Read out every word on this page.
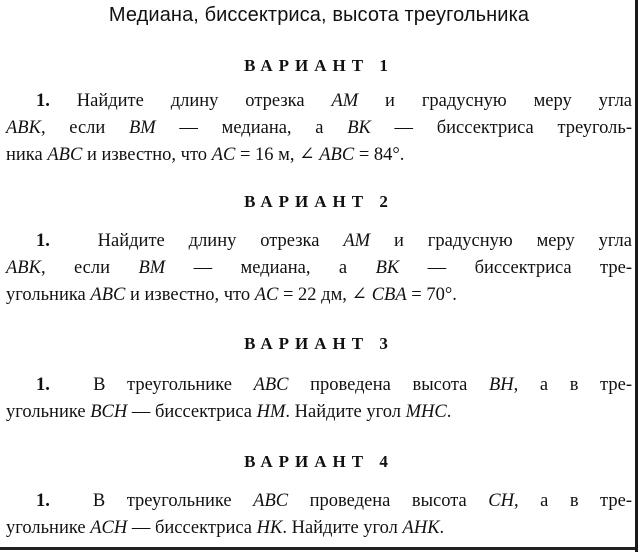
Медиана, биссектриса, высота треугольника
ВАРИАНТ 1
1. Найдите длину отрезка AM и градусную меру угла
ABK, если BM — медиана, а BK — биссектриса треуголь-
ника ABC и известно, что AC = 16 м, ∠ ABC = 84°.
ВАРИАНТ 2
1.	Найдите длину отрезка AM и градусную меру угла
ABK, если BM — медиана, а BK — биссектриса тре-
угольника ABC и известно, что AC = 22 дм, ∠ CBA = 70°.
ВАРИАНТ 3
1. В треугольнике ABC проведена высота BH, а в тре-
угольнике BCH — биссектриса HM. Найдите угол MHC.
ВАРИАНТ 4
1. В треугольнике ABC проведена высота CH, а в тре-
угольнике ACH — биссектриса HK. Найдите угол AHK.
